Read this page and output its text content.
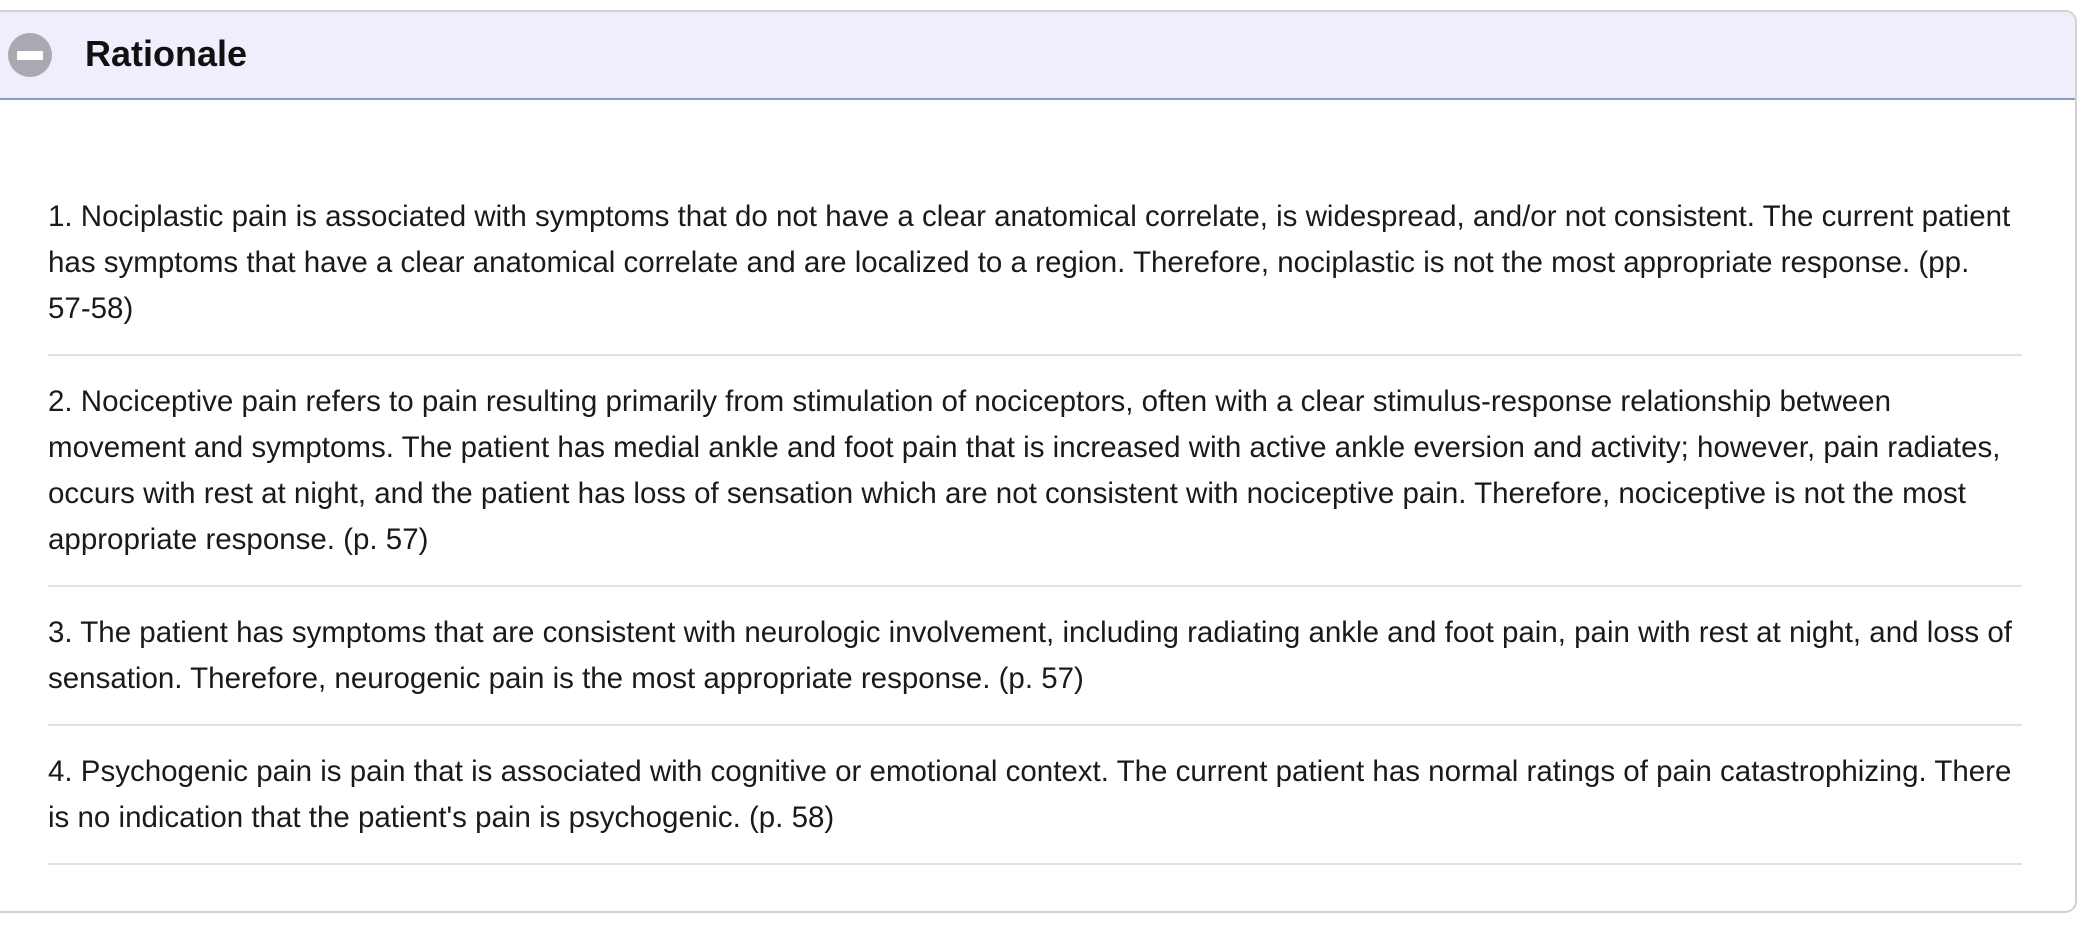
Rationale
1. Nociplastic pain is associated with symptoms that do not have a clear anatomical correlate, is widespread, and/or not consistent. The current patient has symptoms that have a clear anatomical correlate and are localized to a region. Therefore, nociplastic is not the most appropriate response. (pp. 57-58)
2. Nociceptive pain refers to pain resulting primarily from stimulation of nociceptors, often with a clear stimulus-response relationship between movement and symptoms. The patient has medial ankle and foot pain that is increased with active ankle eversion and activity; however, pain radiates, occurs with rest at night, and the patient has loss of sensation which are not consistent with nociceptive pain. Therefore, nociceptive is not the most appropriate response. (p. 57)
3. The patient has symptoms that are consistent with neurologic involvement, including radiating ankle and foot pain, pain with rest at night, and loss of sensation. Therefore, neurogenic pain is the most appropriate response. (p. 57)
4. Psychogenic pain is pain that is associated with cognitive or emotional context. The current patient has normal ratings of pain catastrophizing. There is no indication that the patient's pain is psychogenic. (p. 58)
